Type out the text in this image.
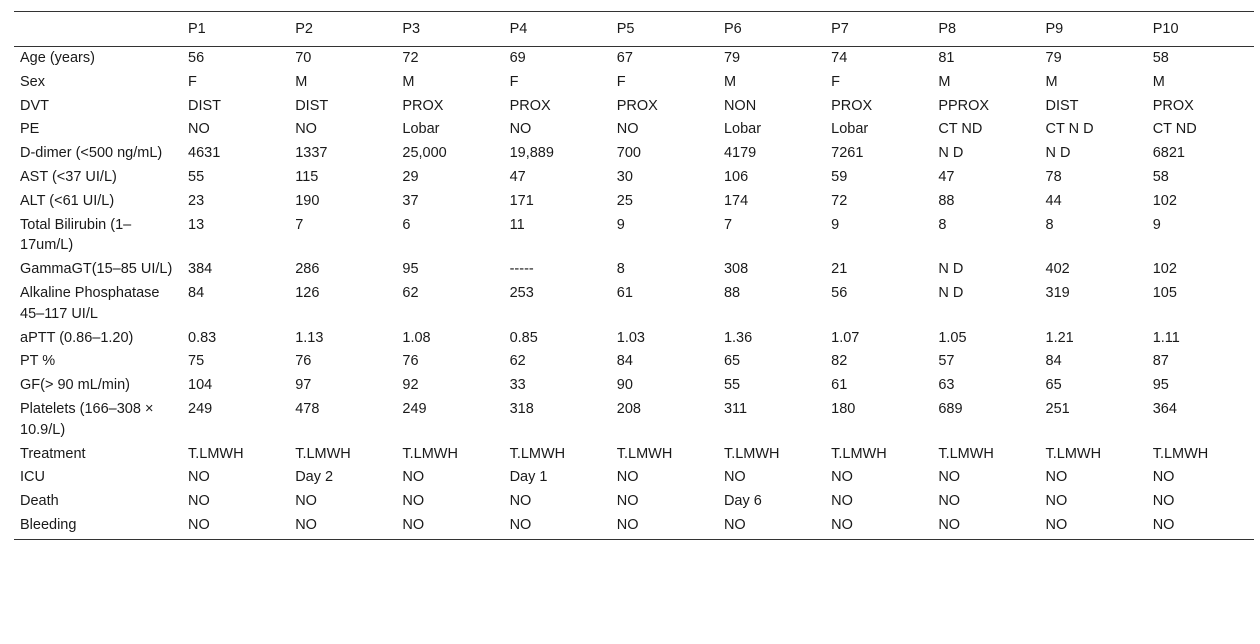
	P1	P2	P3	P4	P5	P6	P7	P8	P9	P10
Age (years)	56	70	72	69	67	79	74	81	79	58
Sex	F	M	M	F	F	M	F	M	M	M
DVT	DIST	DIST	PROX	PROX	PROX	NON	PROX	PPROX	DIST	PROX
PE	NO	NO	Lobar	NO	NO	Lobar	Lobar	CT ND	CT N D	CT ND
D-dimer (<500 ng/mL)	4631	1337	25,000	19,889	700	4179	7261	N D	N D	6821
AST (<37 UI/L)	55	115	29	47	30	106	59	47	78	58
ALT (<61 UI/L)	23	190	37	171	25	174	72	88	44	102
Total Bilirubin (1–17um/L)	13	7	6	11	9	7	9	8	8	9
GammaGT(15–85 UI/L)	384	286	95	-----	8	308	21	N D	402	102
Alkaline Phosphatase 45–117 UI/L	84	126	62	253	61	88	56	N D	319	105
aPTT (0.86–1.20)	0.83	1.13	1.08	0.85	1.03	1.36	1.07	1.05	1.21	1.11
PT %	75	76	76	62	84	65	82	57	84	87
GF(> 90 mL/min)	104	97	92	33	90	55	61	63	65	95
Platelets (166–308 × 10.9/L)	249	478	249	318	208	311	180	689	251	364
Treatment	T.LMWH	T.LMWH	T.LMWH	T.LMWH	T.LMWH	T.LMWH	T.LMWH	T.LMWH	T.LMWH	T.LMWH
ICU	NO	Day 2	NO	Day 1	NO	NO	NO	NO	NO	NO
Death	NO	NO	NO	NO	NO	Day 6	NO	NO	NO	NO
Bleeding	NO	NO	NO	NO	NO	NO	NO	NO	NO	NO
